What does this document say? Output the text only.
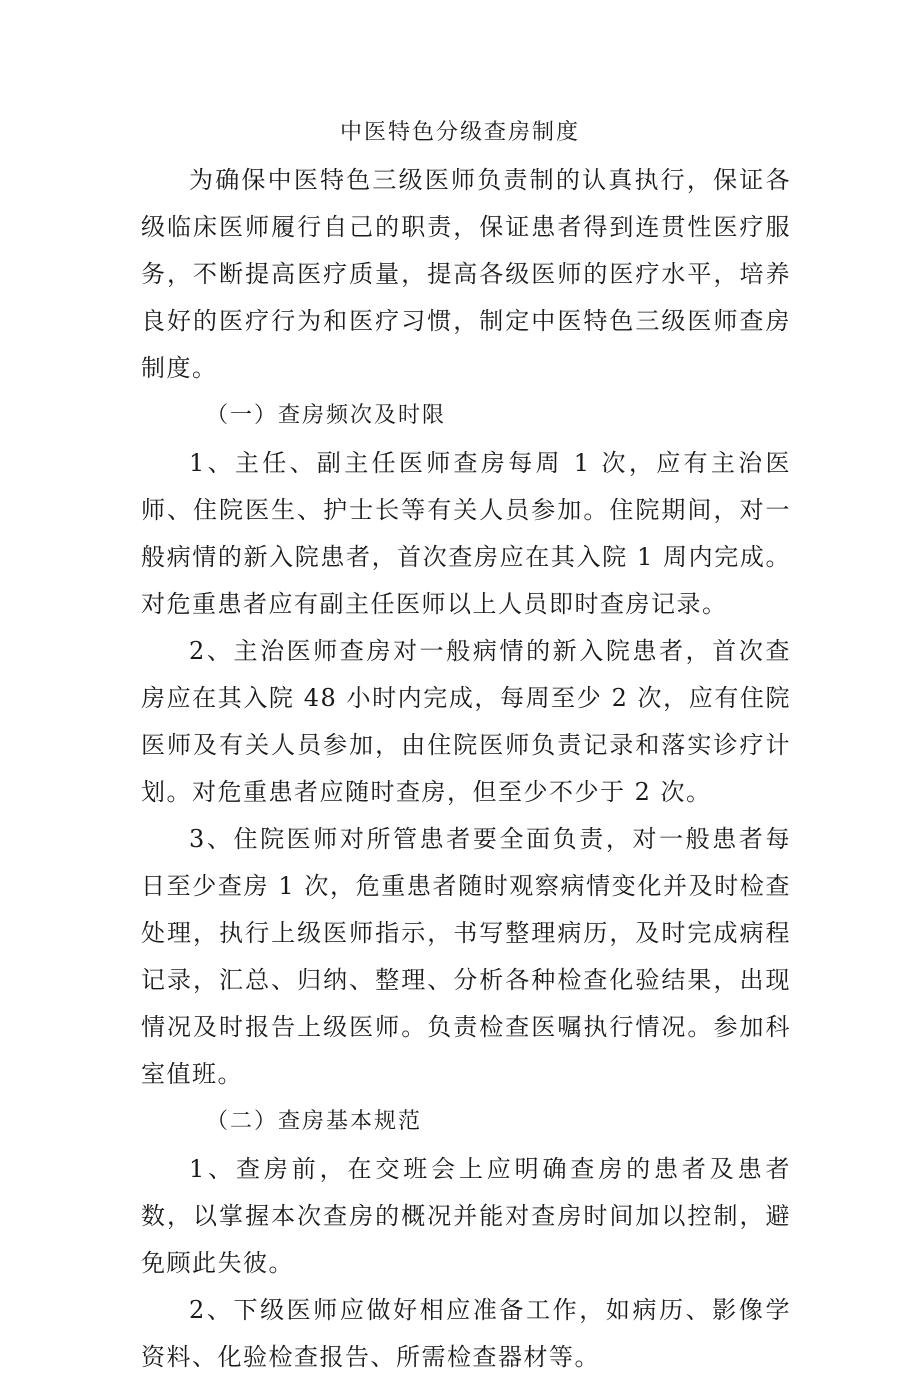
中医特色分级查房制度

为确保中医特色三级医师负责制的认真执行，保证各级临床医师履行自己的职责，保证患者得到连贯性医疗服务，不断提高医疗质量，提高各级医师的医疗水平，培养良好的医疗行为和医疗习惯，制定中医特色三级医师查房制度。

（一）查房频次及时限

1、主任、副主任医师查房每周 1 次，应有主治医师、住院医生、护士长等有关人员参加。住院期间，对一般病情的新入院患者，首次查房应在其入院 1 周内完成。对危重患者应有副主任医师以上人员即时查房记录。

2、主治医师查房对一般病情的新入院患者，首次查房应在其入院 48 小时内完成，每周至少 2 次，应有住院医师及有关人员参加，由住院医师负责记录和落实诊疗计划。对危重患者应随时查房，但至少不少于 2 次。

3、住院医师对所管患者要全面负责，对一般患者每日至少查房 1 次，危重患者随时观察病情变化并及时检查处理，执行上级医师指示，书写整理病历，及时完成病程记录，汇总、归纳、整理、分析各种检查化验结果，出现情况及时报告上级医师。负责检查医嘱执行情况。参加科室值班。

（二）查房基本规范

1、查房前，在交班会上应明确查房的患者及患者数，以掌握本次查房的概况并能对查房时间加以控制，避免顾此失彼。

2、下级医师应做好相应准备工作，如病历、影像学资料、化验检查报告、所需检查器材等。
